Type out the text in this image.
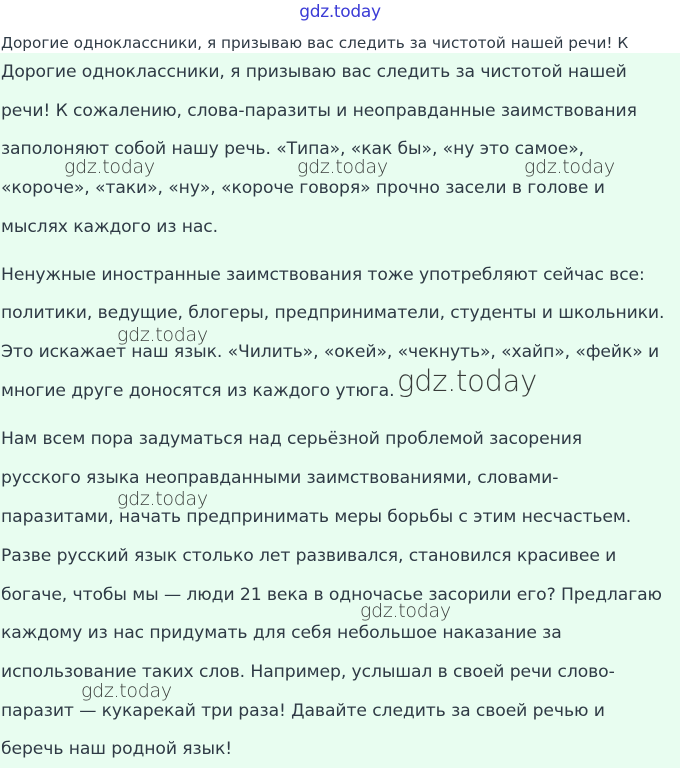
gdz.today
Дорогие одноклассники, я призываю вас следить за чистотой нашей речи! К
Дорогие одноклассники, я призываю вас следить за чистотой нашей
речи! К сожалению, слова-паразиты и неоправданные заимствования
заполоняют собой нашу речь. «Типа», «как бы», «ну это самое»,
«короче», «таки», «ну», «короче говоря» прочно засели в голове и
мыслях каждого из нас.
Ненужные иностранные заимствования тоже употребляют сейчас все:
политики, ведущие, блогеры, предприниматели, студенты и школьники.
Это искажает наш язык. «Чилить», «окей», «чекнуть», «хайп», «фейк» и
многие друге доносятся из каждого утюга.
Нам всем пора задуматься над серьёзной проблемой засорения
русского языка неоправданными заимствованиями, словами-
паразитами, начать предпринимать меры борьбы с этим несчастьем.
Разве русский язык столько лет развивался, становился красивее и
богаче, чтобы мы — люди 21 века в одночасье засорили его? Предлагаю
каждому из нас придумать для себя небольшое наказание за
использование таких слов. Например, услышал в своей речи слово-
паразит — кукарекай три раза! Давайте следить за своей речью и
беречь наш родной язык!
gdz.today	gdz.today	gdz.today
gdz.today
gdz.today
gdz.today
gdz.today
gdz.today
